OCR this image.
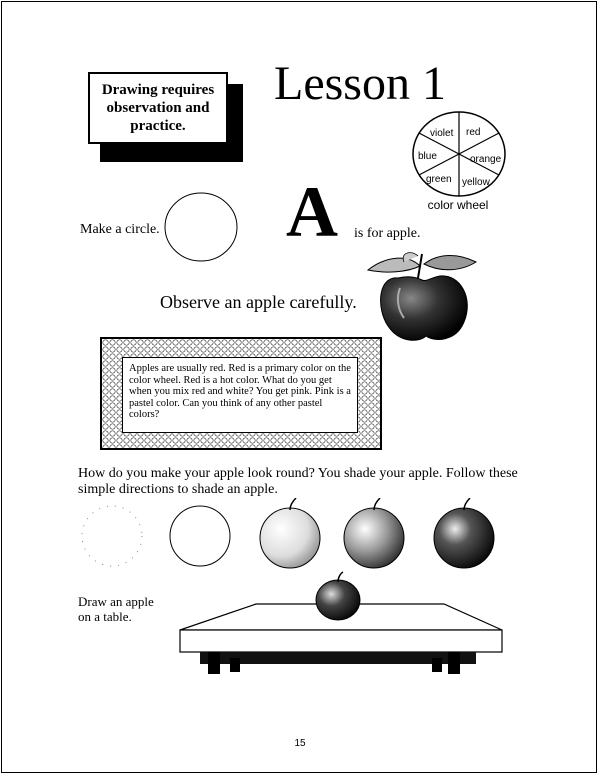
Drawing requires observation and practice.
Lesson 1
violet red
orange
yellow
green
blue
color wheel
Make a circle. A is for apple.
Observe an apple carefully.
Apples are usually red. Red is a primary color on the color wheel. Red is a hot color. What do you get when you mix red and white? You get pink. Pink is a pastel color. Can you think of any other pastel colors?
How do you make your apple look round? You shade your apple. Follow these simple directions to shade an apple.
Draw an apple
on a table.
15
